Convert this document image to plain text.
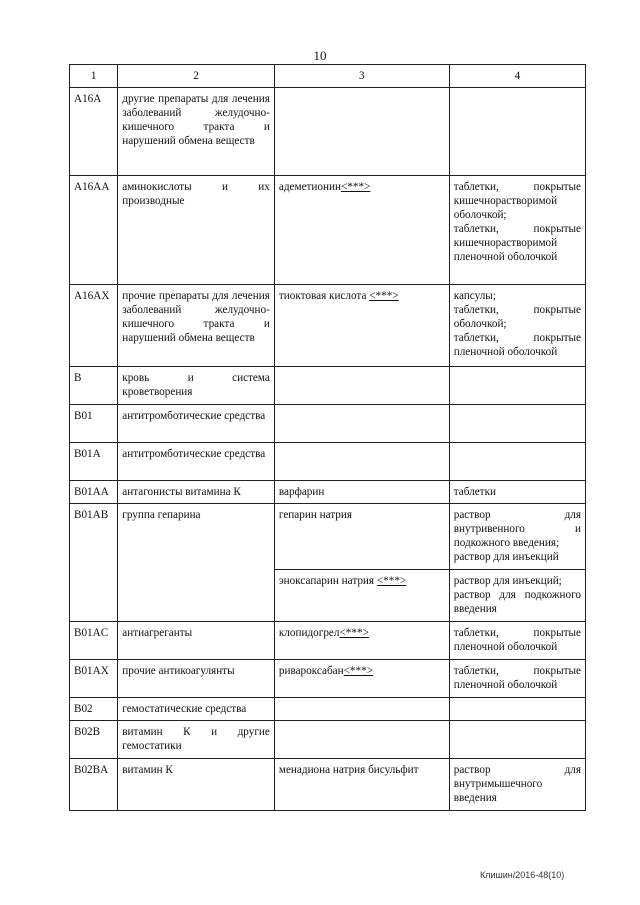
10
1	2	3	4
A16A	другие препараты для лечения заболеваний желудочно-кишечного тракта и нарушений обмена веществ		
A16AA	аминокислоты и их производные	адеметионин<***>	таблетки, покрытые кишечнорастворимой оболочкой;
таблетки, покрытые кишечнорастворимой пленочной оболочкой

A16AX	прочие препараты для лечения заболеваний желудочно-кишечного тракта и нарушений обмена веществ	тиоктовая кислота <***>	капсулы;
таблетки, покрытые оболочкой;
таблетки, покрытые пленочной оболочкой

B	кровь и система кроветворения		
B01	антитромботические средства		
B01A	антитромботические средства		
B01AA	антагонисты витамина К	варфарин	таблетки
B01AB	группа гепарина	гепарин натрия	раствор для внутривенного и подкожного введения;
раствор для инъекций

		эноксапарин натрия <***>	раствор для инъекций;
раствор для подкожного введения

B01AC	антиагреганты	клопидогрел<***>	таблетки, покрытые пленочной оболочкой
B01AX	прочие антикоагулянты	ривароксабан<***>	таблетки, покрытые пленочной оболочкой
B02	гемостатические средства		
B02B	витамин К и другие гемостатики		
B02BA	витамин К	менадиона натрия бисульфит	раствор для внутримышечного введения
Клишин/2016-48(10)
